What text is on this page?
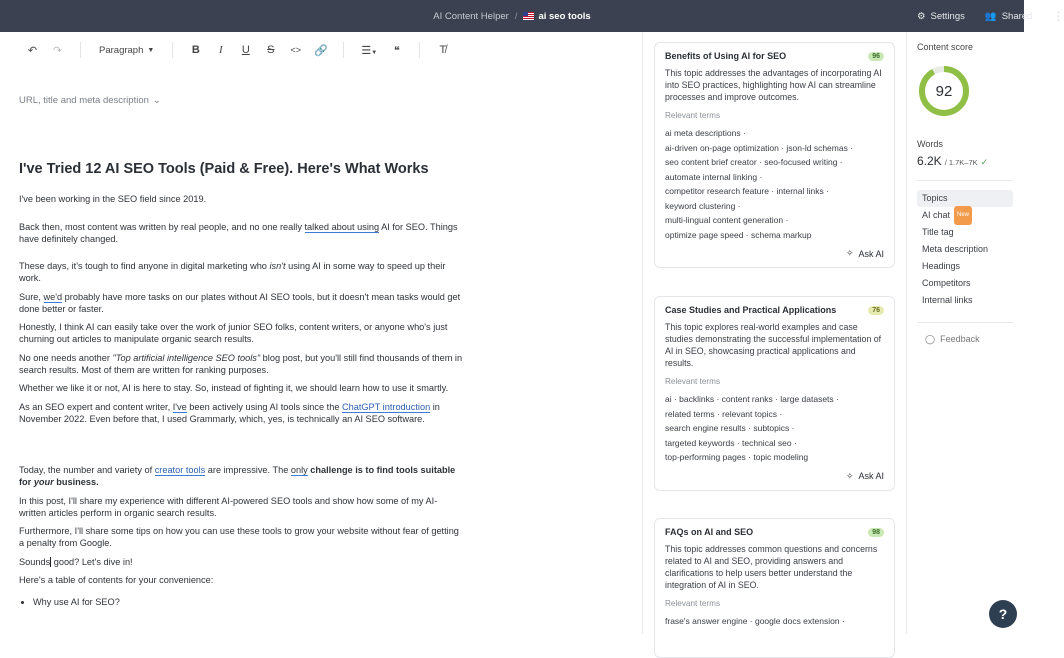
AI Content Helper / ai seo tools	⚙ Settings 👥 Shared ⋮
↶	↷	Paragraph ▼	B	I	U	S	<>	🔗	☰▼	❝	T̸
URL, title and meta description ⌄
I've Tried 12 AI SEO Tools (Paid & Free). Here's What Works

I've been working in the SEO field since 2019.

Back then, most content was written by real people, and no one really talked about using AI for SEO. Things have definitely changed.

These days, it's tough to find anyone in digital marketing who isn't using AI in some way to speed up their work.

Sure, we'd probably have more tasks on our plates without AI SEO tools, but it doesn't mean tasks would get done better or faster.

Honestly, I think AI can easily take over the work of junior SEO folks, content writers, or anyone who's just churning out articles to manipulate organic search results.

No one needs another "Top artificial intelligence SEO tools" blog post, but you'll still find thousands of them in search results. Most of them are written for ranking purposes.

Whether we like it or not, AI is here to stay. So, instead of fighting it, we should learn how to use it smartly.

As an SEO expert and content writer, I've been actively using AI tools since the ChatGPT introduction in November 2022. Even before that, I used Grammarly, which, yes, is technically an AI SEO software.

Today, the number and variety of creator tools are impressive. The only challenge is to find tools suitable for your business.

In this post, I'll share my experience with different AI-powered SEO tools and show how some of my AI-written articles perform in organic search results.

Furthermore, I'll share some tips on how you can use these tools to grow your website without fear of getting a penalty from Google.

Sounds good? Let's dive in!

Here's a table of contents for your convenience:

• Why use AI for SEO?
Benefits of Using AI for SEO	96
This topic addresses the advantages of incorporating AI into SEO practices, highlighting how AI can streamline processes and improve outcomes.
Relevant terms
ai meta descriptions ·
ai-driven on-page optimization · json-ld schemas ·
seo content brief creator · seo-focused writing ·
automate internal linking ·
competitor research feature · internal links ·
keyword clustering ·
multi-lingual content generation ·
optimize page speed · schema markup
✧ Ask AI
Case Studies and Practical Applications	76
This topic explores real-world examples and case studies demonstrating the successful implementation of AI in SEO, showcasing practical applications and results.
Relevant terms
ai · backlinks · content ranks · large datasets ·
related terms · relevant topics ·
search engine results · subtopics ·
targeted keywords · technical seo ·
top-performing pages · topic modeling
✧ Ask AI
FAQs on AI and SEO	98
This topic addresses common questions and concerns related to AI and SEO, providing answers and clarifications to help users better understand the integration of AI in SEO.
Relevant terms
frase's answer engine · google docs extension ·
Content score
92
Words
6.2K / 1.7K–7K ✓
Topics
AI chat	New
Title tag
Meta description
Headings
Competitors
Internal links
◯ Feedback
?
